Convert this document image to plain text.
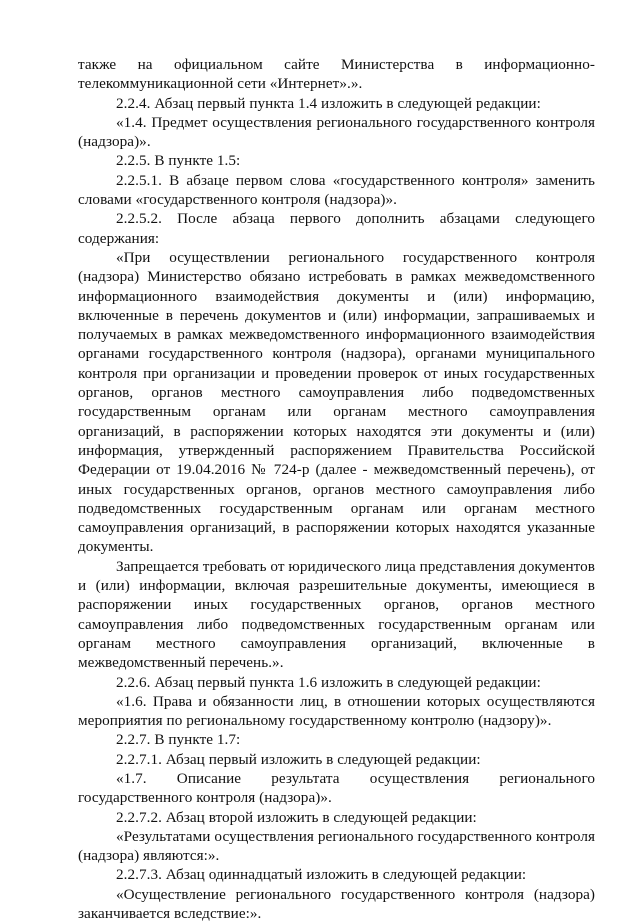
также на официальном сайте Министерства в информационно-телекоммуникационной сети «Интернет».».

2.2.4. Абзац первый пункта 1.4 изложить в следующей редакции:

«1.4. Предмет осуществления регионального государственного контроля (надзора)».

2.2.5. В пункте 1.5:

2.2.5.1. В абзаце первом слова «государственного контроля» заменить словами «государственного контроля (надзора)».

2.2.5.2. После абзаца первого дополнить абзацами следующего содержания:

«При осуществлении регионального государственного контроля (надзора) Министерство обязано истребовать в рамках межведомственного информационного взаимодействия документы и (или) информацию, включенные в перечень документов и (или) информации, запрашиваемых и получаемых в рамках межведомственного информационного взаимодействия органами государственного контроля (надзора), органами муниципального контроля при организации и проведении проверок от иных государственных органов, органов местного самоуправления либо подведомственных государственным органам или органам местного самоуправления организаций, в распоряжении которых находятся эти документы и (или) информация, утвержденный распоряжением Правительства Российской Федерации от 19.04.2016 № 724-р (далее - межведомственный перечень), от иных государственных органов, органов местного самоуправления либо подведомственных государственным органам или органам местного самоуправления организаций, в распоряжении которых находятся указанные документы.

Запрещается требовать от юридического лица представления документов и (или) информации, включая разрешительные документы, имеющиеся в распоряжении иных государственных органов, органов местного самоуправления либо подведомственных государственным органам или органам местного самоуправления организаций, включенные в межведомственный перечень.».

2.2.6. Абзац первый пункта 1.6 изложить в следующей редакции:

«1.6. Права и обязанности лиц, в отношении которых осуществляются мероприятия по региональному государственному контролю (надзору)».

2.2.7. В пункте 1.7:

2.2.7.1. Абзац первый изложить в следующей редакции:

«1.7. Описание результата осуществления регионального государственного контроля (надзора)».

2.2.7.2. Абзац второй изложить в следующей редакции:

«Результатами осуществления регионального государственного контроля (надзора) являются:».

2.2.7.3. Абзац одиннадцатый изложить в следующей редакции:

«Осуществление регионального государственного контроля (надзора) заканчивается вследствие:».
